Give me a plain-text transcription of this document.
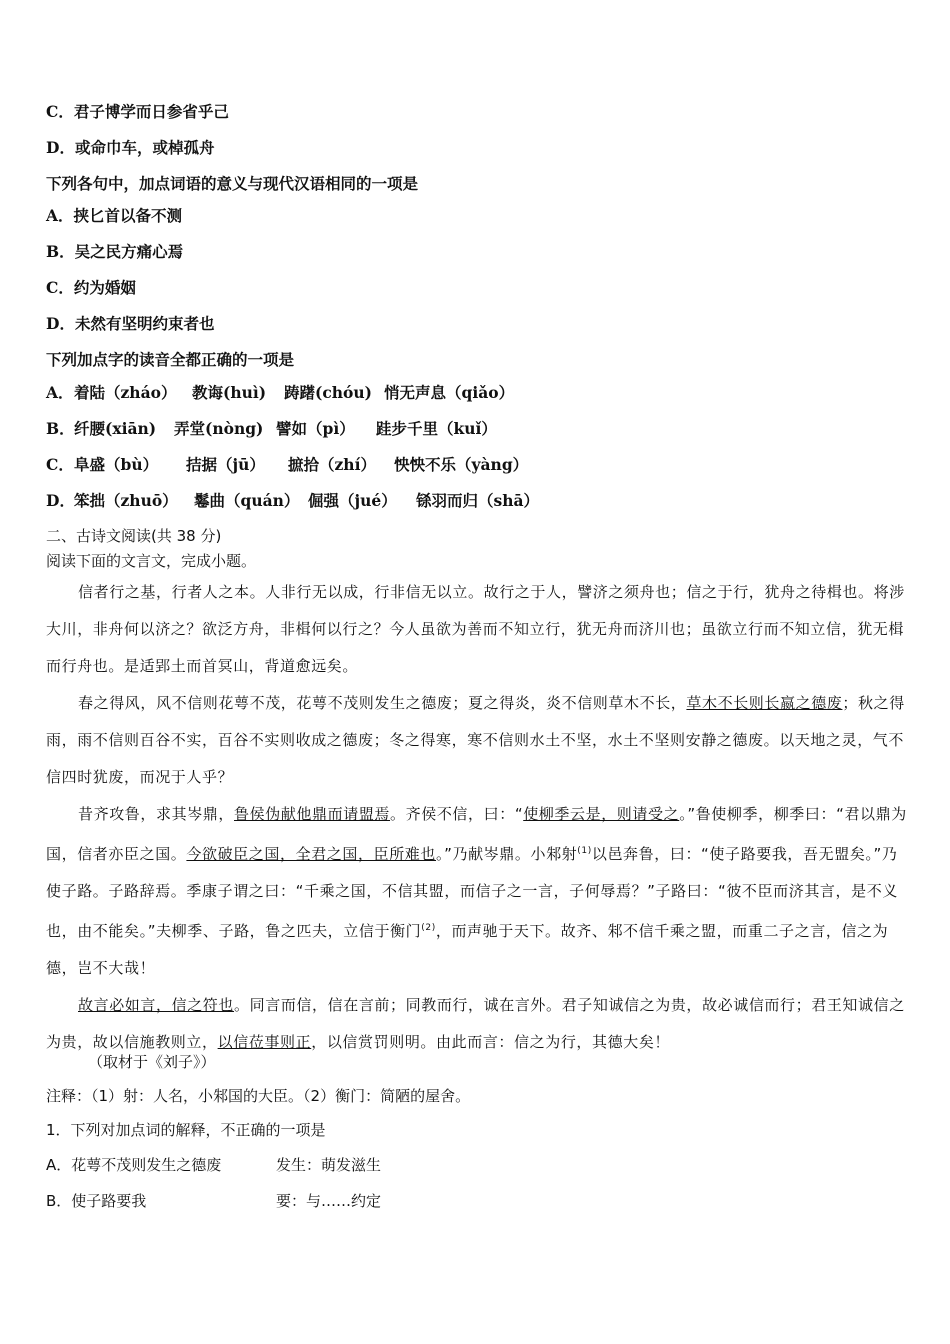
C．君子博学而日参省乎己
D．或命巾车，或棹孤舟
下列各句中，加点词语的意义与现代汉语相同的一项是
A．挟匕首以备不测
B．吴之民方痛心焉
C．约为婚姻
D．未然有坚明约束者也
下列加点字的读音全都正确的一项是
A． 着陆（zháo） 教诲(huì) 踌躇(chóu) 悄无声息（qiǎo）
B． 纤腰(xiān) 弄堂(nòng) 譬如（pì） 跬步千里（kuǐ）
C． 阜盛（bù） 拮据（jū） 摭拾（zhí） 怏怏不乐（yàng）
D． 笨拙（zhuō） 鬈曲（quán） 倔强（jué） 铩羽而归（shā）
二、古诗文阅读(共 38 分)
阅读下面的文言文，完成小题。

信者行之基，行者人之本。人非行无以成，行非信无以立。故行之于人，譬济之须舟也；信之于行，犹舟之待楫也。将涉大川，非舟何以济之？欲泛方舟，非楫何以行之？今人虽欲为善而不知立行，犹无舟而济川也；虽欲立行而不知立信，犹无楫而行舟也。是适郢土而首冥山，背道愈远矣。

春之得风，风不信则花萼不茂，花萼不茂则发生之德废；夏之得炎，炎不信则草木不长，草木不长则长嬴之德废；秋之得雨，雨不信则百谷不实，百谷不实则收成之德废；冬之得寒，寒不信则水土不坚，水土不坚则安静之德废。以天地之灵，气不信四时犹废，而况于人乎？

昔齐攻鲁，求其岑鼎，鲁侯伪献他鼎而请盟焉。齐侯不信，曰：“使柳季云是，则请受之。”鲁使柳季，柳季曰：“君以鼎为国，信者亦臣之国。今欲破臣之国，全君之国，臣所难也。”乃献岑鼎。小邾射$^{(1)}$以邑奔鲁，曰：“使子路要我，吾无盟矣。”乃使子路。子路辞焉。季康子谓之曰：“千乘之国，不信其盟，而信子之一言，子何辱焉？”子路曰：“彼不臣而济其言，是不义也，由不能矣。”夫柳季、子路，鲁之匹夫，立信于衡门$^{(2)}$，而声驰于天下。故齐、邾不信千乘之盟，而重二子之言，信之为德，岂不大哉！

故言必如言，信之符也。同言而信，信在言前；同教而行，诚在言外。君子知诚信之为贵，故必诚信而行；君王知诚信之为贵，故以信施教则立，以信莅事则正，以信赏罚则明。由此而言：信之为行，其德大矣！

（取材于《刘子》）
注释：（1）射：人名，小邾国的大臣。（2）衡门：简陋的屋舍。
1．下列对加点词的解释，不正确的一项是
A．花萼不茂则发生之德废	发生：萌发滋生
B．使子路要我	要：与……约定
